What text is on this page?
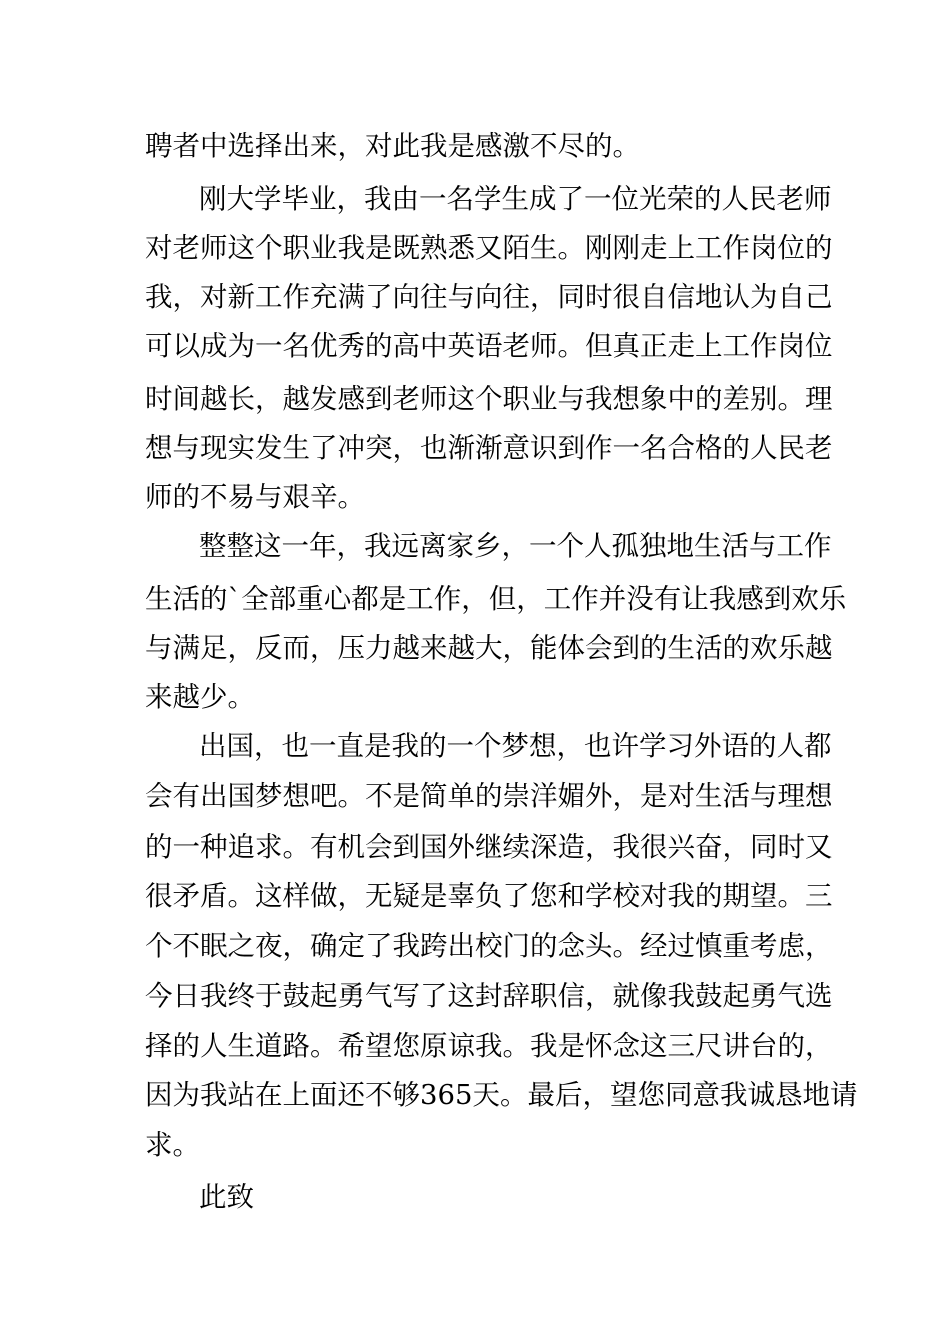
聘者中选择出来，对此我是感激不尽的。
刚大学毕业，我由一名学生成了一位光荣的人民老师
对老师这个职业我是既熟悉又陌生。刚刚走上工作岗位的
我，对新工作充满了向往与向往，同时很自信地认为自己
可以成为一名优秀的高中英语老师。但真正走上工作岗位
时间越长，越发感到老师这个职业与我想象中的差别。理
想与现实发生了冲突，也渐渐意识到作一名合格的人民老
师的不易与艰辛。
整整这一年，我远离家乡，一个人孤独地生活与工作
生活的`全部重心都是工作，但，工作并没有让我感到欢乐
与满足，反而，压力越来越大，能体会到的生活的欢乐越
来越少。
出国，也一直是我的一个梦想，也许学习外语的人都
会有出国梦想吧。不是简单的崇洋媚外，是对生活与理想
的一种追求。有机会到国外继续深造，我很兴奋，同时又
很矛盾。这样做，无疑是辜负了您和学校对我的期望。三
个不眠之夜，确定了我跨出校门的念头。经过慎重考虑，
今日我终于鼓起勇气写了这封辞职信，就像我鼓起勇气选
择的人生道路。希望您原谅我。我是怀念这三尺讲台的，
因为我站在上面还不够365天。最后，望您同意我诚恳地请
求。
此致
